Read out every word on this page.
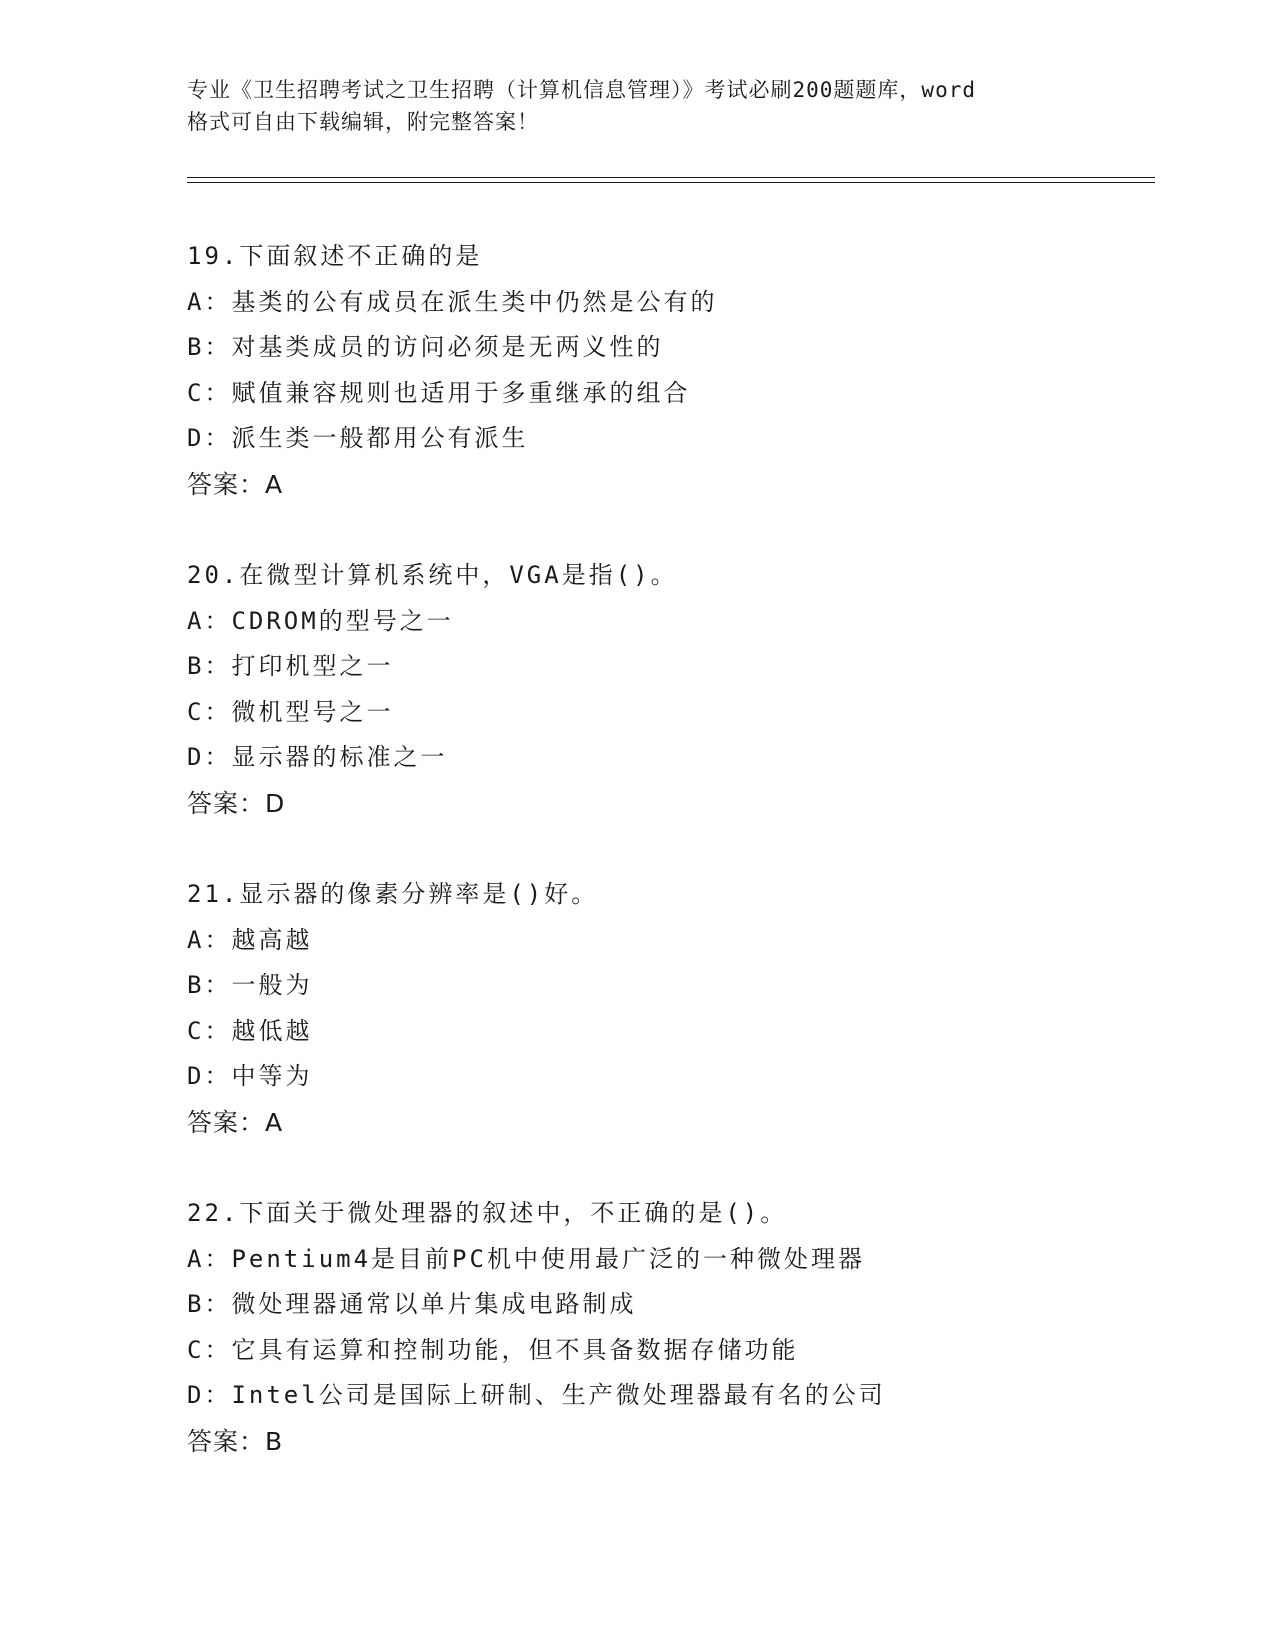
专业《卫生招聘考试之卫生招聘（计算机信息管理）》考试必刷200题题库，word
格式可自由下载编辑，附完整答案！
19.下面叙述不正确的是
A：基类的公有成员在派生类中仍然是公有的
B：对基类成员的访问必须是无两义性的
C：赋值兼容规则也适用于多重继承的组合
D：派生类一般都用公有派生
答案：A
20.在微型计算机系统中，VGA是指()。
A：CDROM的型号之一
B：打印机型之一
C：微机型号之一
D：显示器的标准之一
答案：D
21.显示器的像素分辨率是()好。
A：越高越
B：一般为
C：越低越
D：中等为
答案：A
22.下面关于微处理器的叙述中，不正确的是()。
A：Pentium4是目前PC机中使用最广泛的一种微处理器
B：微处理器通常以单片集成电路制成
C：它具有运算和控制功能，但不具备数据存储功能
D：Intel公司是国际上研制、生产微处理器最有名的公司
答案：B
